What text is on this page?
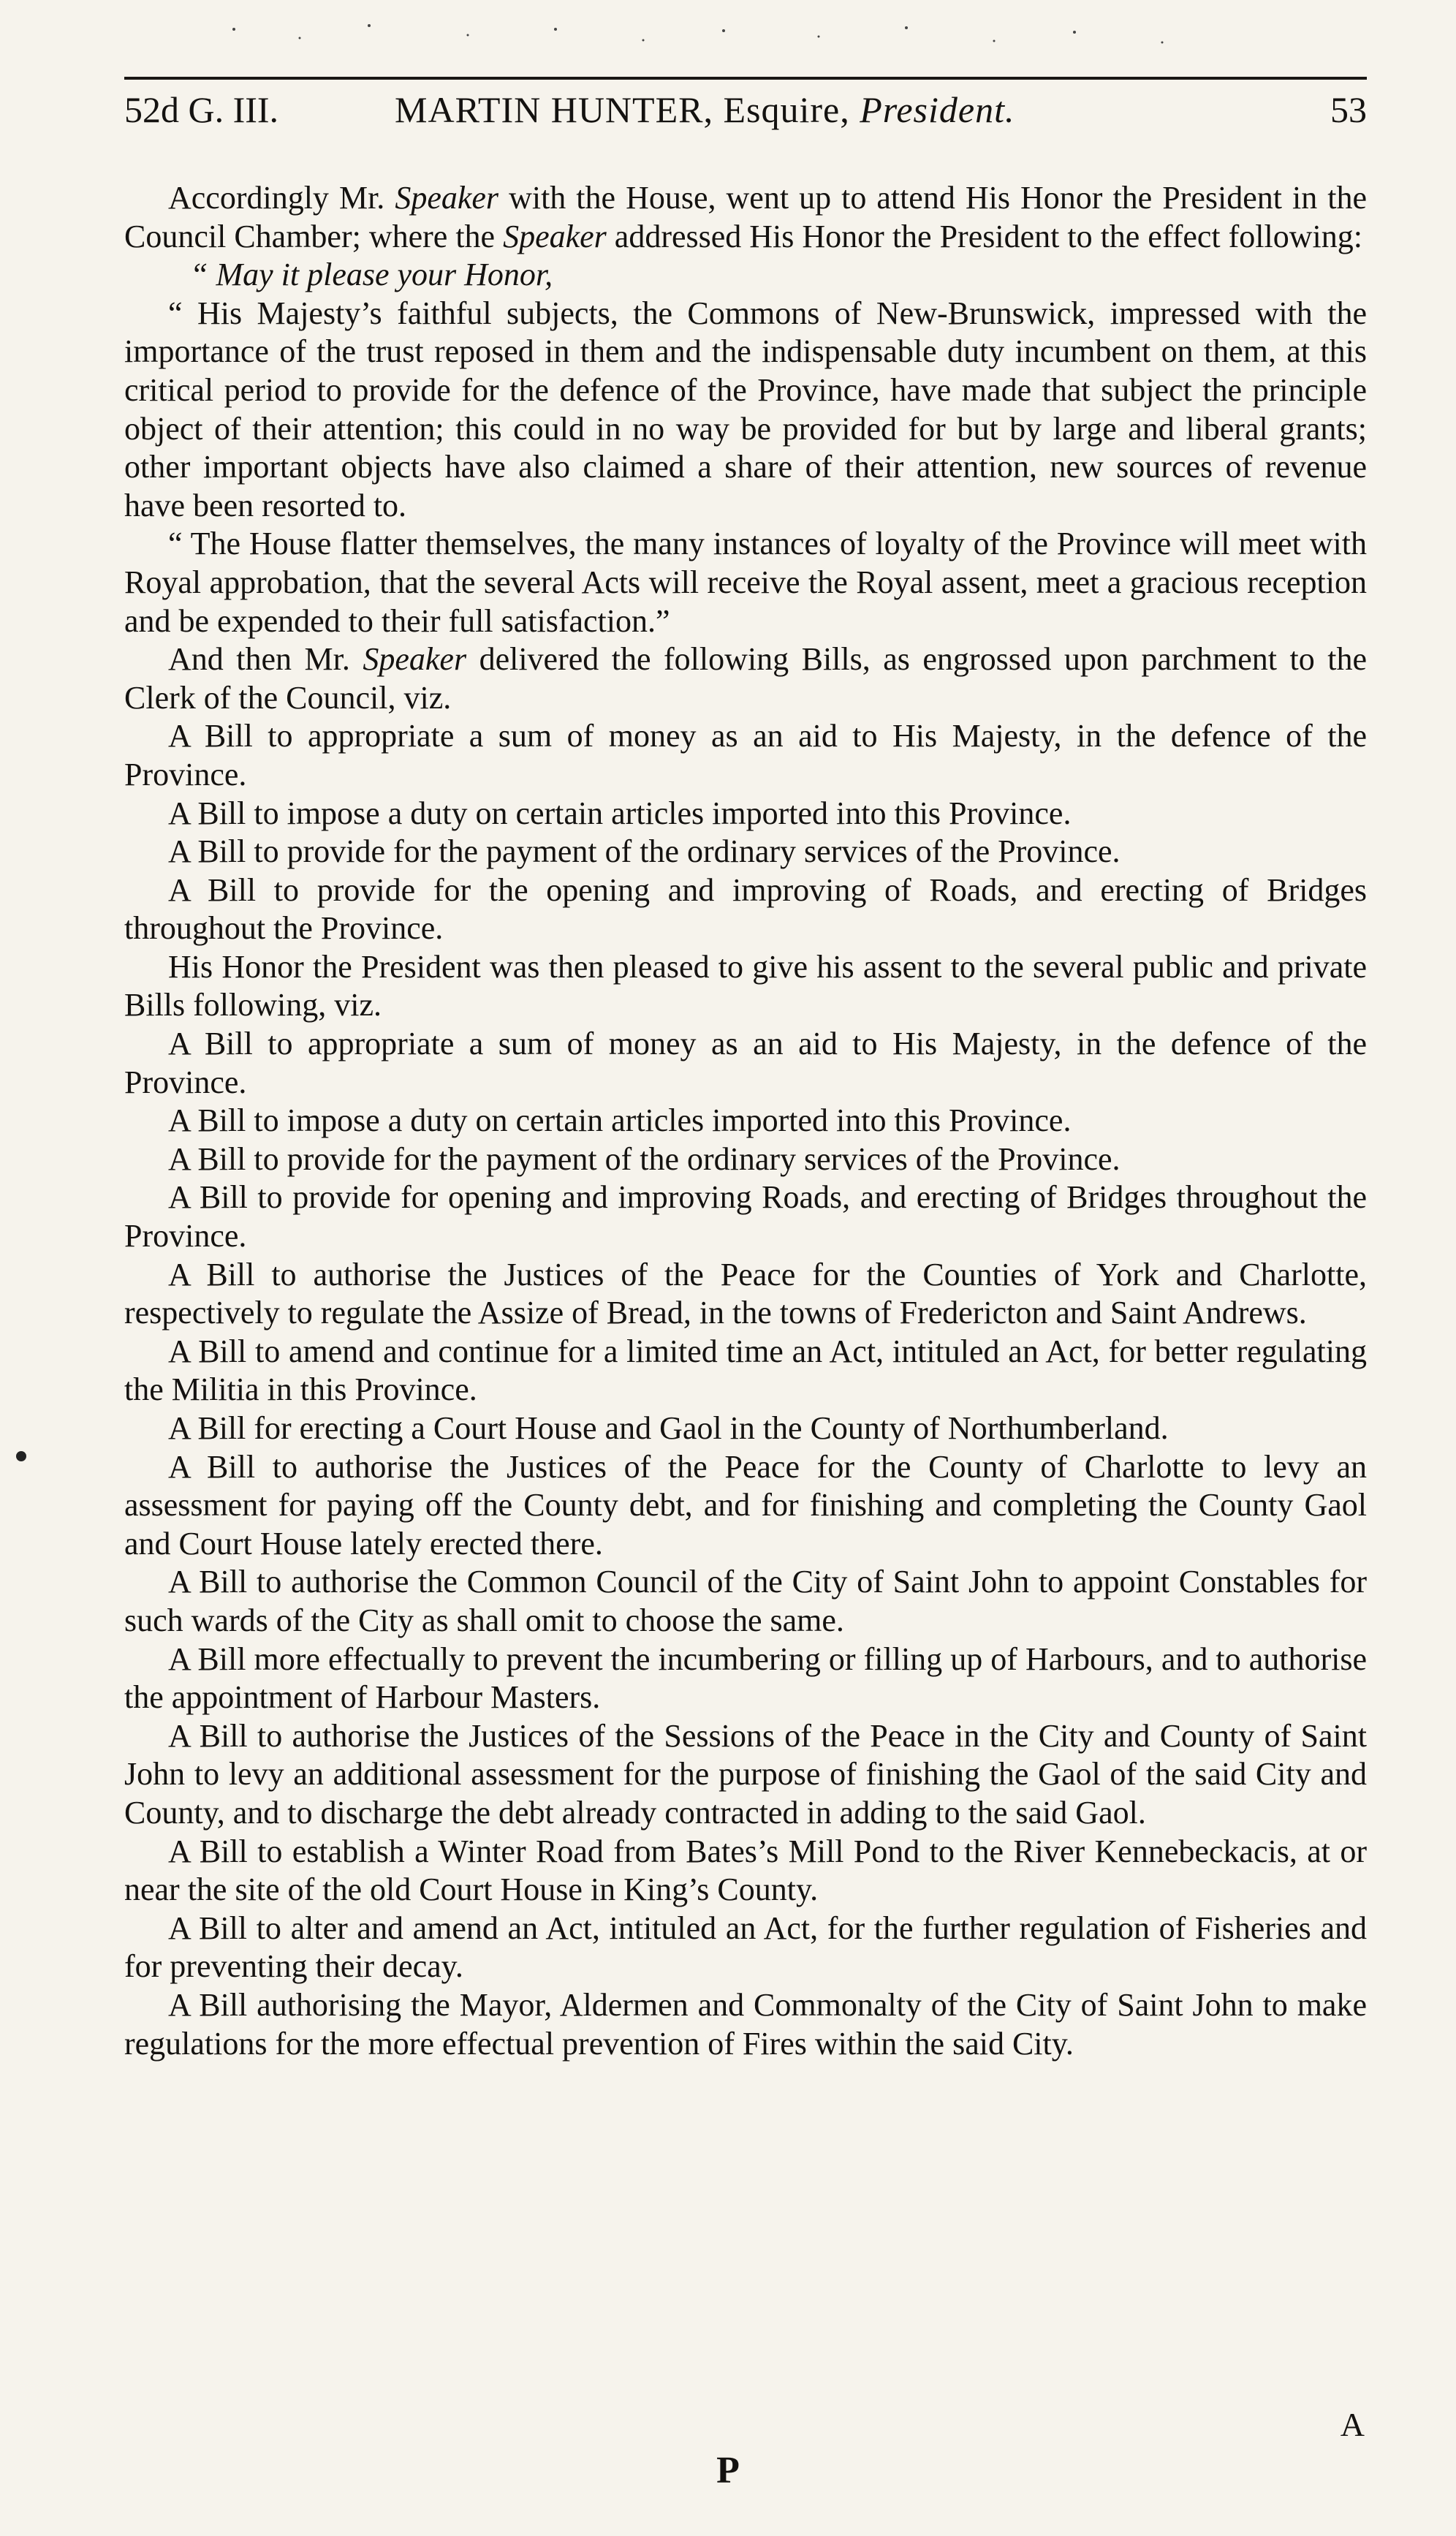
52d G. III.	MARTIN HUNTER, Esquire, President.	53

Accordingly Mr. Speaker with the House, went up to attend His Honor the President in the Council Chamber; where the Speaker addressed His Honor the President to the effect following:

“ May it please your Honor,

“ His Majesty’s faithful subjects, the Commons of New-Brunswick, impressed with the importance of the trust reposed in them and the indispensable duty incumbent on them, at this critical period to provide for the defence of the Province, have made that subject the principle object of their attention; this could in no way be provided for but by large and liberal grants; other important objects have also claimed a share of their attention, new sources of revenue have been resorted to.

“ The House flatter themselves, the many instances of loyalty of the Province will meet with Royal approbation, that the several Acts will receive the Royal assent, meet a gracious reception and be expended to their full satisfaction.”

And then Mr. Speaker delivered the following Bills, as engrossed upon parchment to the Clerk of the Council, viz.

A Bill to appropriate a sum of money as an aid to His Majesty, in the defence of the Province.

A Bill to impose a duty on certain articles imported into this Province.

A Bill to provide for the payment of the ordinary services of the Province.

A Bill to provide for the opening and improving of Roads, and erecting of Bridges throughout the Province.

His Honor the President was then pleased to give his assent to the several public and private Bills following, viz.

A Bill to appropriate a sum of money as an aid to His Majesty, in the defence of the Province.

A Bill to impose a duty on certain articles imported into this Province.

A Bill to provide for the payment of the ordinary services of the Province.

A Bill to provide for opening and improving Roads, and erecting of Bridges throughout the Province.

A Bill to authorise the Justices of the Peace for the Counties of York and Charlotte, respectively to regulate the Assize of Bread, in the towns of Fredericton and Saint Andrews.

A Bill to amend and continue for a limited time an Act, intituled an Act, for better regulating the Militia in this Province.

A Bill for erecting a Court House and Gaol in the County of Northumberland.

A Bill to authorise the Justices of the Peace for the County of Charlotte to levy an assessment for paying off the County debt, and for finishing and completing the County Gaol and Court House lately erected there.

A Bill to authorise the Common Council of the City of Saint John to appoint Constables for such wards of the City as shall omit to choose the same.

A Bill more effectually to prevent the incumbering or filling up of Harbours, and to authorise the appointment of Harbour Masters.

A Bill to authorise the Justices of the Sessions of the Peace in the City and County of Saint John to levy an additional assessment for the purpose of finishing the Gaol of the said City and County, and to discharge the debt already contracted in adding to the said Gaol.

A Bill to establish a Winter Road from Bates’s Mill Pond to the River Kennebeckacis, at or near the site of the old Court House in King’s County.

A Bill to alter and amend an Act, intituled an Act, for the further regulation of Fisheries and for preventing their decay.

A Bill authorising the Mayor, Aldermen and Commonalty of the City of Saint John to make regulations for the more effectual prevention of Fires within the said City.

A
P
